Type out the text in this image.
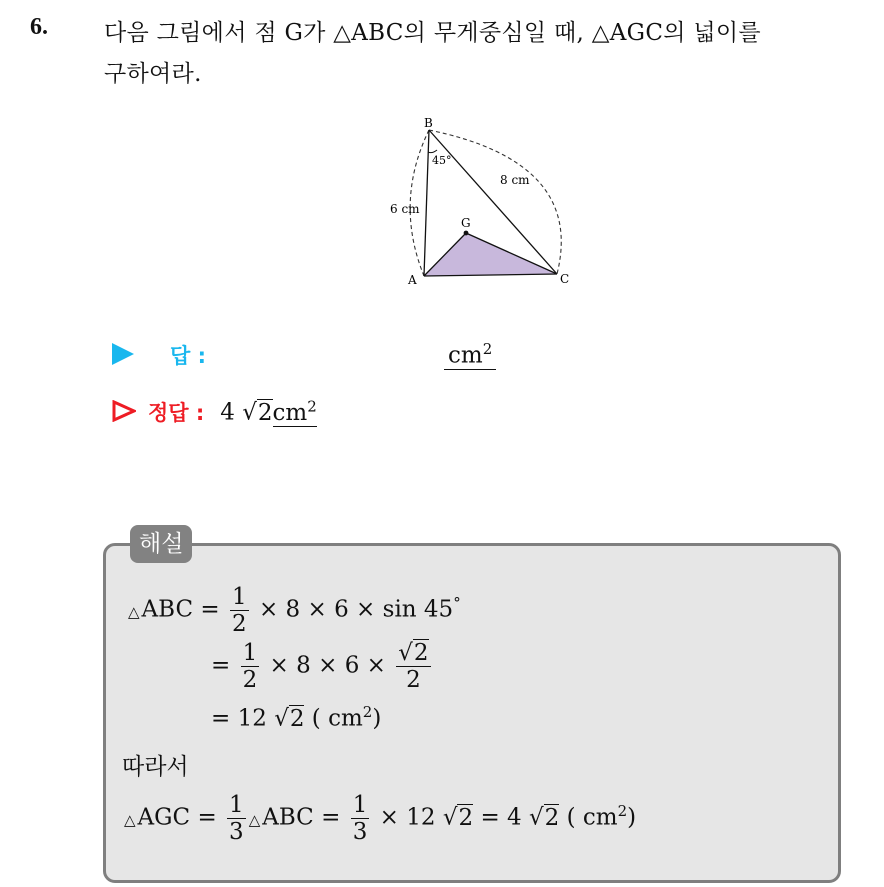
6. 다음 그림에서 점 G가 △ABC의 무게중심일 때, △AGC의 넓이를
구하여라.
B
A	C
G
45°
6 cm
8 cm
답 :	$cm^2$
정답 : 4 $√2cm^2$
해설
△ABC = $\frac{1}{2} \times 8 \times 6 \times \sin 45^\circ$
= $\frac{1}{2} \times 8 \times 6 \times \frac{√2}{2}$
= 12 √2 ( $cm^2$)
따라서
△AGC = $\frac{1}{3}$ △ABC = $\frac{1}{3} \times 12$ √2 = 4 √2 ( $cm^2$)
